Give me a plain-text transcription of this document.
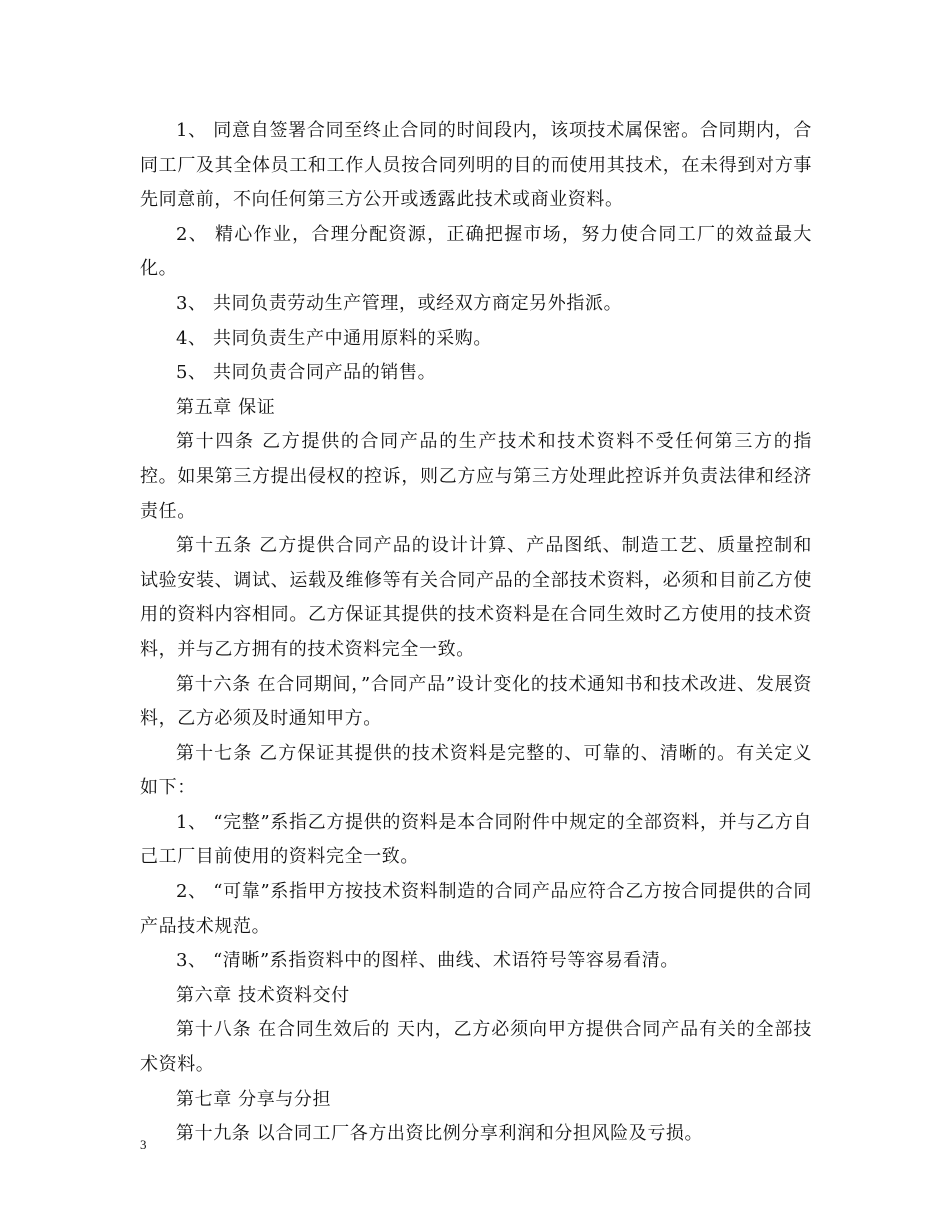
1、 同意自签署合同至终止合同的时间段内，该项技术属保密。合同期内，合同工厂及其全体员工和工作人员按合同列明的目的而使用其技术，在未得到对方事先同意前，不向任何第三方公开或透露此技术或商业资料。

2、 精心作业，合理分配资源，正确把握市场，努力使合同工厂的效益最大化。

3、 共同负责劳动生产管理，或经双方商定另外指派。

4、 共同负责生产中通用原料的采购。

5、 共同负责合同产品的销售。

第五章 保证

第十四条 乙方提供的合同产品的生产技术和技术资料不受任何第三方的指控。如果第三方提出侵权的控诉，则乙方应与第三方处理此控诉并负责法律和经济责任。

第十五条 乙方提供合同产品的设计计算、产品图纸、制造工艺、质量控制和试验安装、调试、运载及维修等有关合同产品的全部技术资料，必须和目前乙方使用的资料内容相同。乙方保证其提供的技术资料是在合同生效时乙方使用的技术资料，并与乙方拥有的技术资料完全一致。

第十六条 在合同期间，”合同产品”设计变化的技术通知书和技术改进、发展资料，乙方必须及时通知甲方。

第十七条 乙方保证其提供的技术资料是完整的、可靠的、清晰的。有关定义如下：

1、 “完整”系指乙方提供的资料是本合同附件中规定的全部资料，并与乙方自己工厂目前使用的资料完全一致。

2、 “可靠”系指甲方按技术资料制造的合同产品应符合乙方按合同提供的合同产品技术规范。

3、 “清晰”系指资料中的图样、曲线、术语符号等容易看清。

第六章 技术资料交付

第十八条 在合同生效后的 天内，乙方必须向甲方提供合同产品有关的全部技术资料。

第七章 分享与分担

第十九条 以合同工厂各方出资比例分享利润和分担风险及亏损。

3
